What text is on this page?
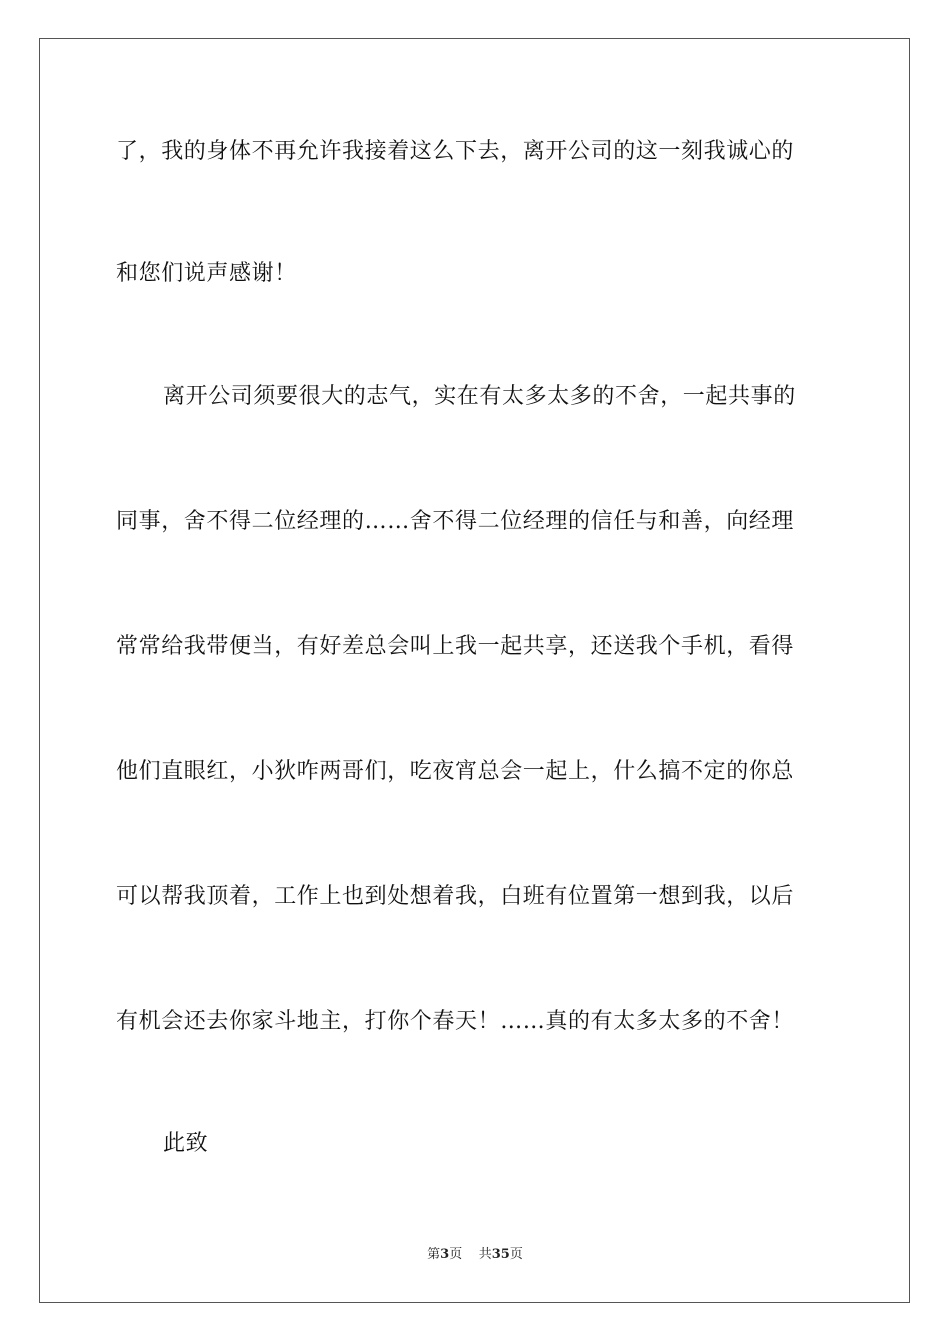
了，我的身体不再允许我接着这么下去，离开公司的这一刻我诚心的
和您们说声感谢！
离开公司须要很大的志气，实在有太多太多的不舍，一起共事的
同事，舍不得二位经理的……舍不得二位经理的信任与和善，向经理
常常给我带便当，有好差总会叫上我一起共享，还送我个手机，看得
他们直眼红，小狄咋两哥们，吃夜宵总会一起上，什么搞不定的你总
可以帮我顶着，工作上也到处想着我，白班有位置第一想到我，以后
有机会还去你家斗地主，打你个春天！……真的有太多太多的不舍！
此致
第3页 共35页
